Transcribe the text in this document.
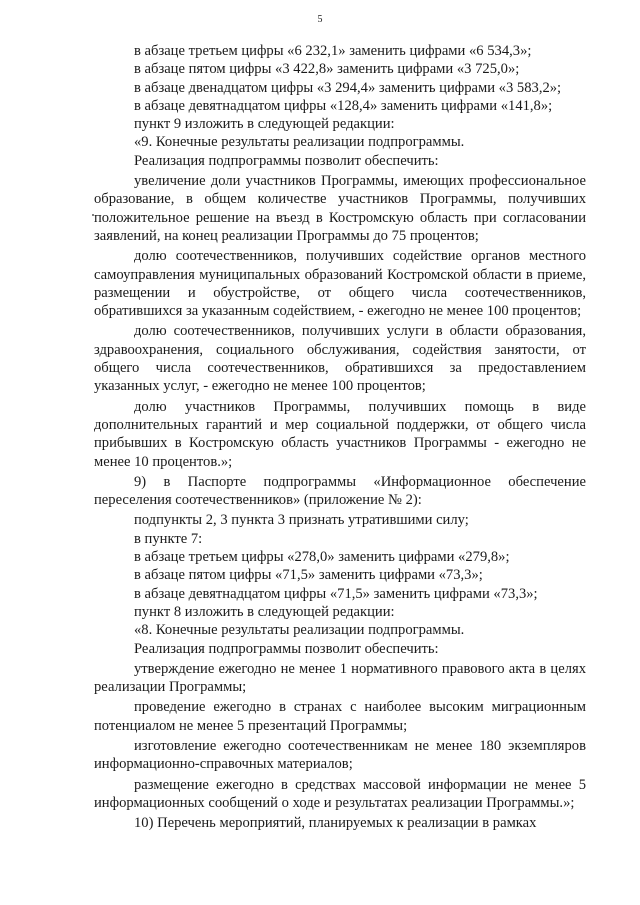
5
в абзаце третьем цифры «6 232,1» заменить цифрами «6 534,3»;
в абзаце пятом цифры «3 422,8» заменить цифрами «3 725,0»;
в абзаце двенадцатом цифры «3 294,4» заменить цифрами «3 583,2»;
в абзаце девятнадцатом цифры «128,4» заменить цифрами «141,8»;
пункт 9 изложить в следующей редакции:
«9. Конечные результаты реализации подпрограммы.
Реализация подпрограммы позволит обеспечить:

увеличение доли участников Программы, имеющих профессиональное образование, в общем количестве участников Программы, получивших положительное решение на въезд в Костромскую область при согласовании заявлений, на конец реализации Программы до 75 процентов;

долю соотечественников, получивших содействие органов местного самоуправления муниципальных образований Костромской области в приеме, размещении и обустройстве, от общего числа соотечественников, обратившихся за указанным содействием, - ежегодно не менее 100 процентов;

долю соотечественников, получивших услуги в области образования, здравоохранения, социального обслуживания, содействия занятости, от общего числа соотечественников, обратившихся за предоставлением указанных услуг, - ежегодно не менее 100 процентов;

долю участников Программы, получивших помощь в виде дополнительных гарантий и мер социальной поддержки, от общего числа прибывших в Костромскую область участников Программы - ежегодно не менее 10 процентов.»;

9) в Паспорте подпрограммы «Информационное обеспечение переселения соотечественников» (приложение № 2):

подпункты 2, 3 пункта 3 признать утратившими силу;
в пункте 7:
в абзаце третьем цифры «278,0» заменить цифрами «279,8»;
в абзаце пятом цифры «71,5» заменить цифрами «73,3»;
в абзаце девятнадцатом цифры «71,5» заменить цифрами «73,3»;
пункт 8 изложить в следующей редакции:
«8. Конечные результаты реализации подпрограммы.
Реализация подпрограммы позволит обеспечить:

утверждение ежегодно не менее 1 нормативного правового акта в целях реализации Программы;

проведение ежегодно в странах с наиболее высоким миграционным потенциалом не менее 5 презентаций Программы;

изготовление ежегодно соотечественникам не менее 180 экземпляров информационно-справочных материалов;

размещение ежегодно в средствах массовой информации не менее 5 информационных сообщений о ходе и результатах реализации Программы.»;

10) Перечень мероприятий, планируемых к реализации в рамках
